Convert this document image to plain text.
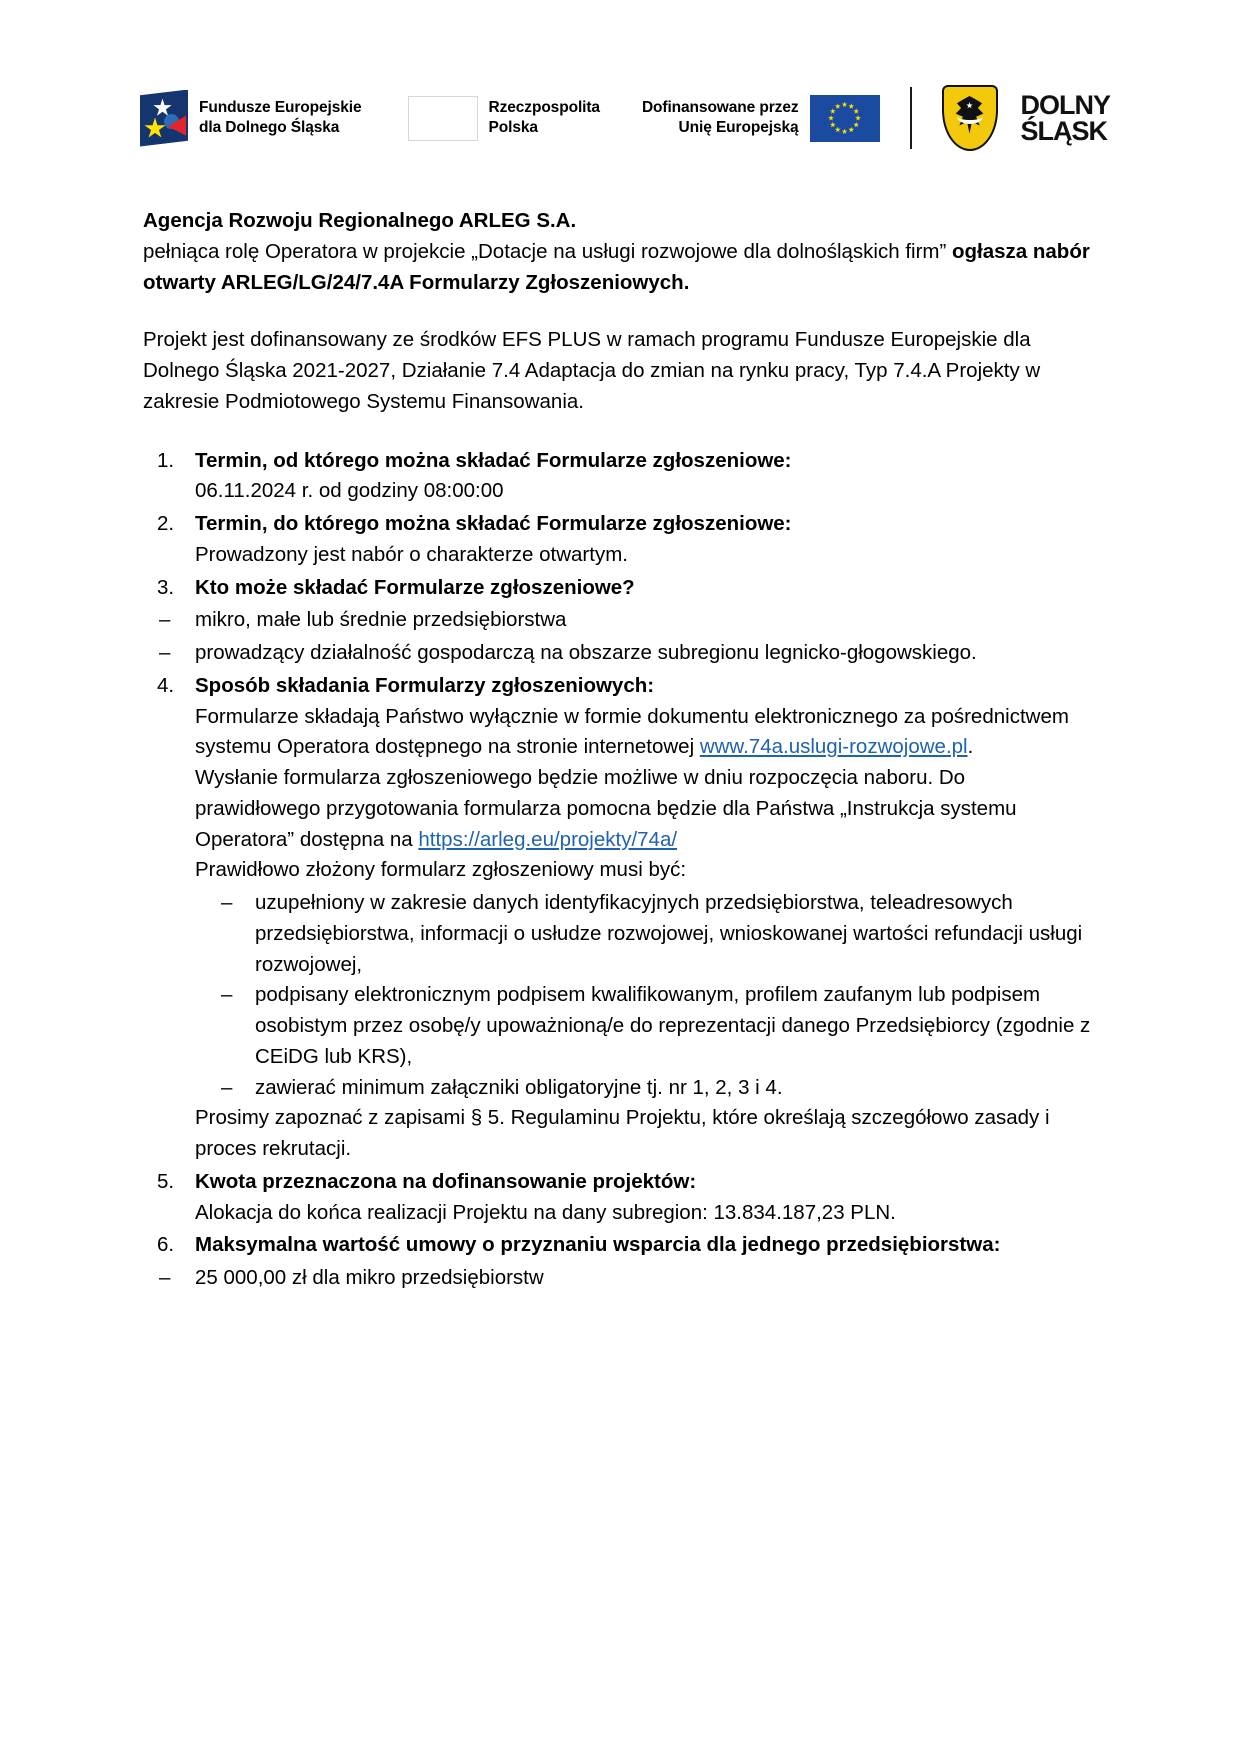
Fundusze Europejskie
dla Dolnego Śląska
Rzeczpospolita
Polska
Dofinansowane przez
Unię Europejską
DOLNY
ŚLĄSK

Agencja Rozwoju Regionalnego ARLEG S.A.

pełniąca rolę Operatora w projekcie „Dotacje na usługi rozwojowe dla dolnośląskich firm” ogłasza nabór otwarty ARLEG/LG/24/7.4A Formularzy Zgłoszeniowych.

Projekt jest dofinansowany ze środków EFS PLUS w ramach programu Fundusze Europejskie dla Dolnego Śląska 2021-2027, Działanie 7.4 Adaptacja do zmian na rynku pracy, Typ 7.4.A Projekty w zakresie Podmiotowego Systemu Finansowania.

Termin, od którego można składać Formularze zgłoszeniowe:
06.11.2024 r. od godziny 08:00:00
Termin, do którego można składać Formularze zgłoszeniowe:
Prowadzony jest nabór o charakterze otwartym.
Kto może składać Formularze zgłoszeniowe?
– mikro, małe lub średnie przedsiębiorstwa
– prowadzący działalność gospodarczą na obszarze subregionu legnicko-głogowskiego.
Sposób składania Formularzy zgłoszeniowych:
Formularze składają Państwo wyłącznie w formie dokumentu elektronicznego za pośrednictwem systemu Operatora dostępnego na stronie internetowej www.74a.uslugi-rozwojowe.pl.
Wysłanie formularza zgłoszeniowego będzie możliwe w dniu rozpoczęcia naboru. Do prawidłowego przygotowania formularza pomocna będzie dla Państwa „Instrukcja systemu Operatora” dostępna na https://arleg.eu/projekty/74a/
Prawidłowo złożony formularz zgłoszeniowy musi być:
– uzupełniony w zakresie danych identyfikacyjnych przedsiębiorstwa, teleadresowych przedsiębiorstwa, informacji o usłudze rozwojowej, wnioskowanej wartości refundacji usługi rozwojowej,
– podpisany elektronicznym podpisem kwalifikowanym, profilem zaufanym lub podpisem osobistym przez osobę/y upoważnioną/e do reprezentacji danego Przedsiębiorcy (zgodnie z CEiDG lub KRS),
– zawierać minimum załączniki obligatoryjne tj. nr 1, 2, 3 i 4.
Prosimy zapoznać z zapisami § 5. Regulaminu Projektu, które określają szczegółowo zasady i proces rekrutacji.
Kwota przeznaczona na dofinansowanie projektów:
Alokacja do końca realizacji Projektu na dany subregion: 13.834.187,23 PLN.
Maksymalna wartość umowy o przyznaniu wsparcia dla jednego przedsiębiorstwa:
– 25 000,00 zł dla mikro przedsiębiorstw
